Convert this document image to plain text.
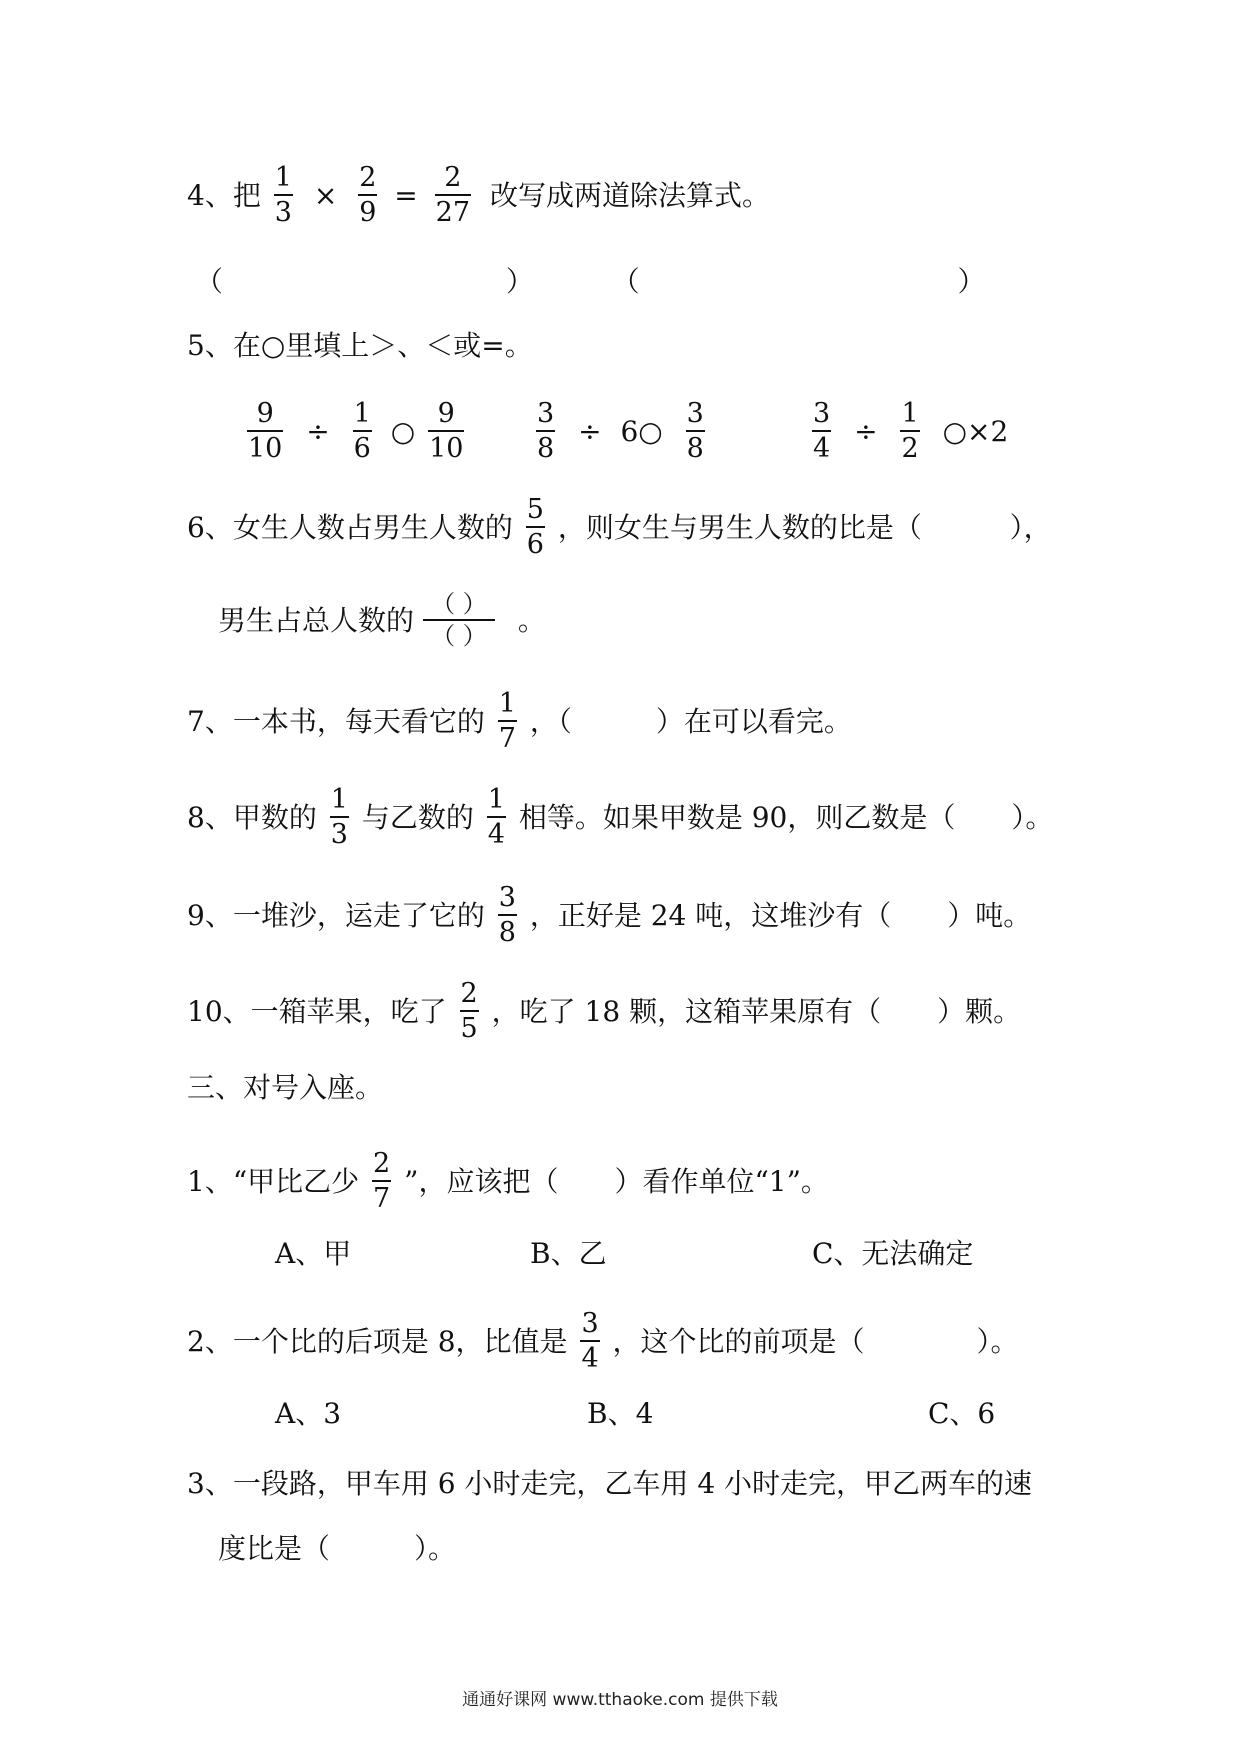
4、把 $\frac{1}{3} \times \frac{2}{9} = \frac{2}{27}$ 改写成两道除法算式。
（	）	（	）
5、在○里填上＞、＜或=。
$\frac{9}{10} \div \frac{1}{6}$ ○ $\frac{9}{10}$	$\frac{3}{8}$ ÷ 6○ $\frac{3}{8}$	$\frac{3}{4} \div \frac{1}{2}$ ○×2
6、女生人数占男生人数的 $\frac{5}{6}$ ，则女生与男生人数的比是（	），
男生占总人数的 $\frac{( )}{( )}$ 。
7、一本书，每天看它的 $\frac{1}{7}$ ，（　　　）在可以看完。
8、甲数的 $\frac{1}{3}$ 与乙数的 $\frac{1}{4}$ 相等。如果甲数是 90，则乙数是（　　）。
9、一堆沙，运走了它的 $\frac{3}{8}$ ，正好是 24 吨，这堆沙有（　　）吨。
10、一箱苹果，吃了 $\frac{2}{5}$ ，吃了 18 颗，这箱苹果原有（　　）颗。
三、对号入座。
1、“甲比乙少 $\frac{2}{7}$ ”，应该把（　　）看作单位“1”。
A、甲	B、乙	C、无法确定
2、一个比的后项是 8，比值是 $\frac{3}{4}$ ，这个比的前项是（　　　　）。
A、3	B、4	C、6
3、一段路，甲车用 6 小时走完，乙车用 4 小时走完，甲乙两车的速
度比是（　　　）。
通通好课网 www.tthaoke.com 提供下载
